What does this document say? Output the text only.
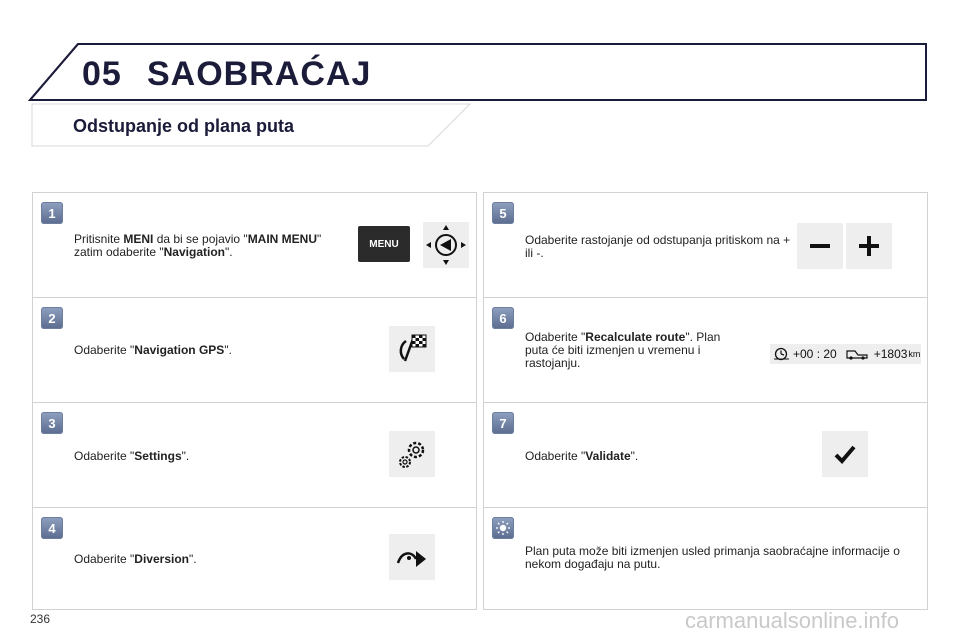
05 SAOBRAĆAJ
Odstupanje od plana puta
1
Pritisnite MENI da bi se pojavio "MAIN MENU" zatim odaberite "Navigation".
MENU
2
Odaberite "Navigation GPS".
3
Odaberite "Settings".
4
Odaberite "Diversion".
5
Odaberite rastojanje od odstupanja pritiskom na + ili -.
6
Odaberite "Recalculate route". Plan puta će biti izmenjen u vremenu i rastojanju.
+00 : 20	+1803 km
7
Odaberite "Validate".
Plan puta može biti izmenjen usled primanja saobraćajne informacije o nekom događaju na putu.
236	carmanualsonline.info
